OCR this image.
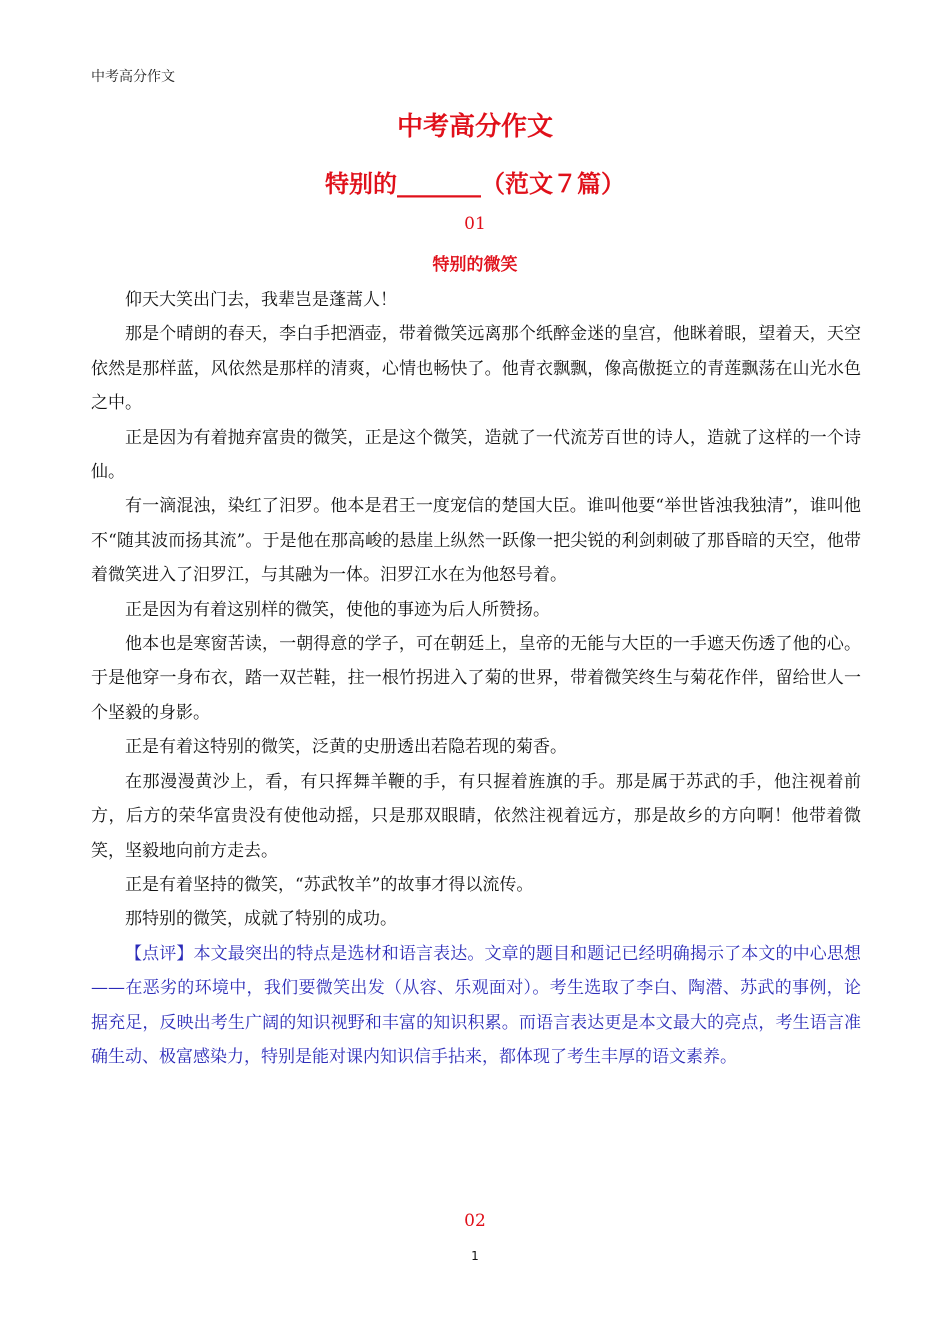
中考高分作文
中考高分作文
特别的_______（范文７篇）
01
特别的微笑

仰天大笑出门去，我辈岂是蓬蒿人！

那是个晴朗的春天，李白手把酒壶，带着微笑远离那个纸醉金迷的皇宫，他眯着眼，望着天，天空依然是那样蓝，风依然是那样的清爽，心情也畅快了。他青衣飘飘，像高傲挺立的青莲飘荡在山光水色之中。

正是因为有着抛弃富贵的微笑，正是这个微笑，造就了一代流芳百世的诗人，造就了这样的一个诗仙。

有一滴混浊，染红了汨罗。他本是君王一度宠信的楚国大臣。谁叫他要“举世皆浊我独清”，谁叫他不“随其波而扬其流”。于是他在那高峻的悬崖上纵然一跃像一把尖锐的利剑刺破了那昏暗的天空，他带着微笑进入了汨罗江，与其融为一体。汨罗江水在为他怒号着。

正是因为有着这别样的微笑，使他的事迹为后人所赞扬。

他本也是寒窗苦读，一朝得意的学子，可在朝廷上，皇帝的无能与大臣的一手遮天伤透了他的心。于是他穿一身布衣，踏一双芒鞋，拄一根竹拐进入了菊的世界，带着微笑终生与菊花作伴，留给世人一个坚毅的身影。

正是有着这特别的微笑，泛黄的史册透出若隐若现的菊香。

在那漫漫黄沙上，看，有只挥舞羊鞭的手，有只握着旌旗的手。那是属于苏武的手，他注视着前方，后方的荣华富贵没有使他动摇，只是那双眼睛，依然注视着远方，那是故乡的方向啊！他带着微笑，坚毅地向前方走去。

正是有着坚持的微笑，“苏武牧羊”的故事才得以流传。

那特别的微笑，成就了特别的成功。

【点评】本文最突出的特点是选材和语言表达。文章的题目和题记已经明确揭示了本文的中心思想——在恶劣的环境中，我们要微笑出发（从容、乐观面对）。考生选取了李白、陶潜、苏武的事例，论据充足，反映出考生广阔的知识视野和丰富的知识积累。而语言表达更是本文最大的亮点，考生语言准确生动、极富感染力，特别是能对课内知识信手拈来，都体现了考生丰厚的语文素养。

02
1
